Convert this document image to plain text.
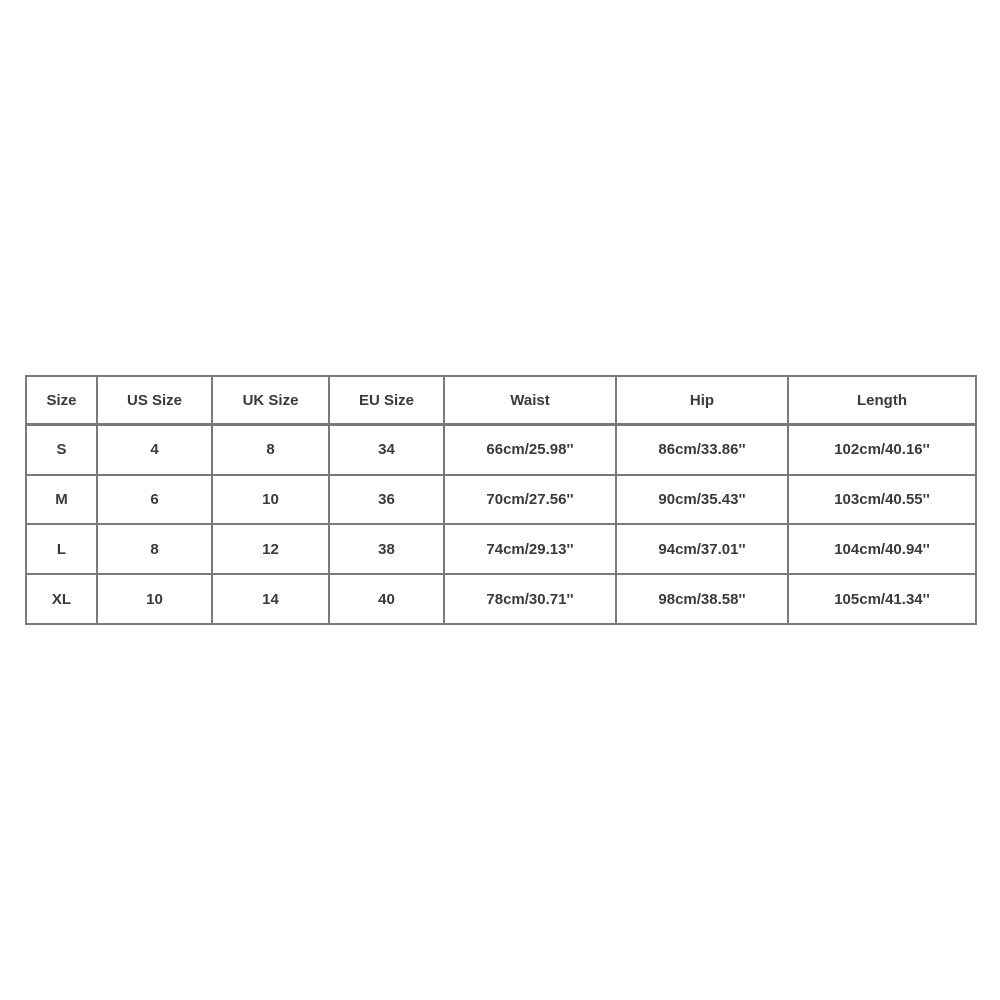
Size	US Size	UK Size	EU Size	Waist	Hip	Length
S	4	8	34	66cm/25.98''	86cm/33.86''	102cm/40.16''
M	6	10	36	70cm/27.56''	90cm/35.43''	103cm/40.55''
L	8	12	38	74cm/29.13''	94cm/37.01''	104cm/40.94''
XL	10	14	40	78cm/30.71''	98cm/38.58''	105cm/41.34''
